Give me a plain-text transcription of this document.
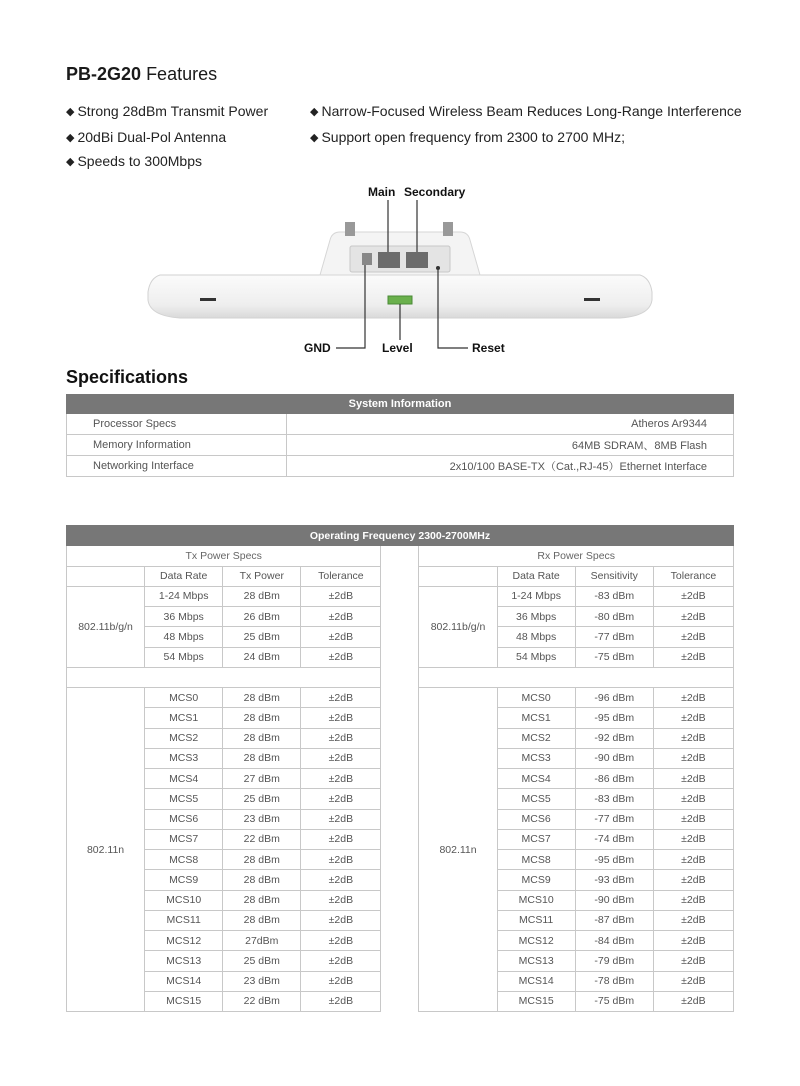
PB-2G20 Features
◆ Strong 28dBm Transmit Power	◆ Narrow-Focused Wireless Beam Reduces Long-Range Interference
◆ 20dBi Dual-Pol Antenna	◆ Support open frequency from 2300 to 2700 MHz;
◆ Speeds to 300Mbps
Main Secondary
GND	Level	Reset
Specifications
System Information	
Processor Specs	Atheros Ar9344
Memory Information	64MB SDRAM、8MB Flash
Networking Interface	2x10/100 BASE-TX（Cat.,RJ-45）Ethernet Interface
Operating Frequency 2300-2700MHz								
Tx Power Specs					Rx Power Specs			
	Data Rate	Tx Power	Tolerance			Data Rate	Sensitivity	Tolerance
802.11b/g/n	1-24 Mbps	28 dBm	±2dB		802.11b/g/n	1-24 Mbps	-83 dBm	±2dB
	36 Mbps	26 dBm	±2dB			36 Mbps	-80 dBm	±2dB
	48 Mbps	25 dBm	±2dB			48 Mbps	-77 dBm	±2dB
	54 Mbps	24 dBm	±2dB			54 Mbps	-75 dBm	±2dB

802.11n	MCS0	28 dBm	±2dB		802.11n	MCS0	-96 dBm	±2dB
	MCS1	28 dBm	±2dB			MCS1	-95 dBm	±2dB
	MCS2	28 dBm	±2dB			MCS2	-92 dBm	±2dB
	MCS3	28 dBm	±2dB			MCS3	-90 dBm	±2dB
	MCS4	27 dBm	±2dB			MCS4	-86 dBm	±2dB
	MCS5	25 dBm	±2dB			MCS5	-83 dBm	±2dB
	MCS6	23 dBm	±2dB			MCS6	-77 dBm	±2dB
	MCS7	22 dBm	±2dB			MCS7	-74 dBm	±2dB
	MCS8	28 dBm	±2dB			MCS8	-95 dBm	±2dB
	MCS9	28 dBm	±2dB			MCS9	-93 dBm	±2dB
	MCS10	28 dBm	±2dB			MCS10	-90 dBm	±2dB
	MCS11	28 dBm	±2dB			MCS11	-87 dBm	±2dB
	MCS12	27dBm	±2dB			MCS12	-84 dBm	±2dB
	MCS13	25 dBm	±2dB			MCS13	-79 dBm	±2dB
	MCS14	23 dBm	±2dB			MCS14	-78 dBm	±2dB
	MCS15	22 dBm	±2dB			MCS15	-75 dBm	±2dB
